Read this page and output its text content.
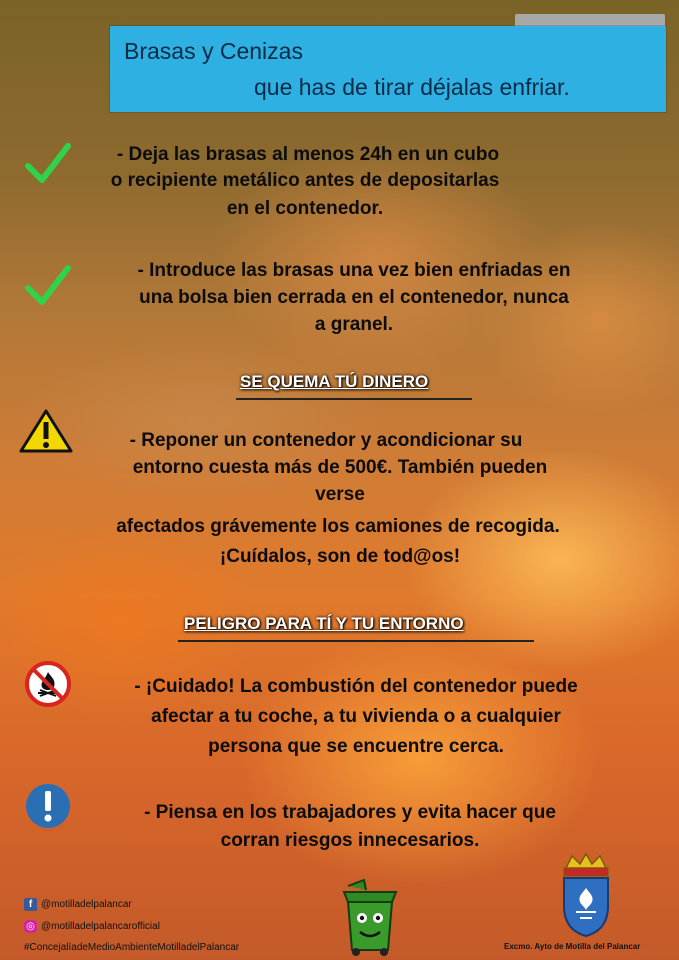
Brasas y Cenizas
que has de tirar déjalas enfriar.
- Deja las brasas al menos 24h en un cubo
o recipiente metálico antes de depositarlas
en el contenedor.
- Introduce las brasas una vez bien enfriadas en
una bolsa bien cerrada en el contenedor, nunca
a granel.
SE QUEMA TÚ DINERO
- Reponer un contenedor y acondicionar su
entorno cuesta más de 500€. También pueden
verse
afectados grávemente los camiones de recogida.
¡Cuídalos, son de tod@os!
PELIGRO PARA TÍ Y TU ENTORNO
- ¡Cuidado! La combustión del contenedor puede
afectar a tu coche, a tu vivienda o a cualquier
persona que se encuentre cerca.
- Piensa en los trabajadores y evita hacer que
corran riesgos innecesarios.
f @motilladelpalancar
◎ @motilladelpalancarofficial
#ConcejalíadeMedioAmbienteMotilladelPalancar	Excmo. Ayto de Motilla del Palancar
